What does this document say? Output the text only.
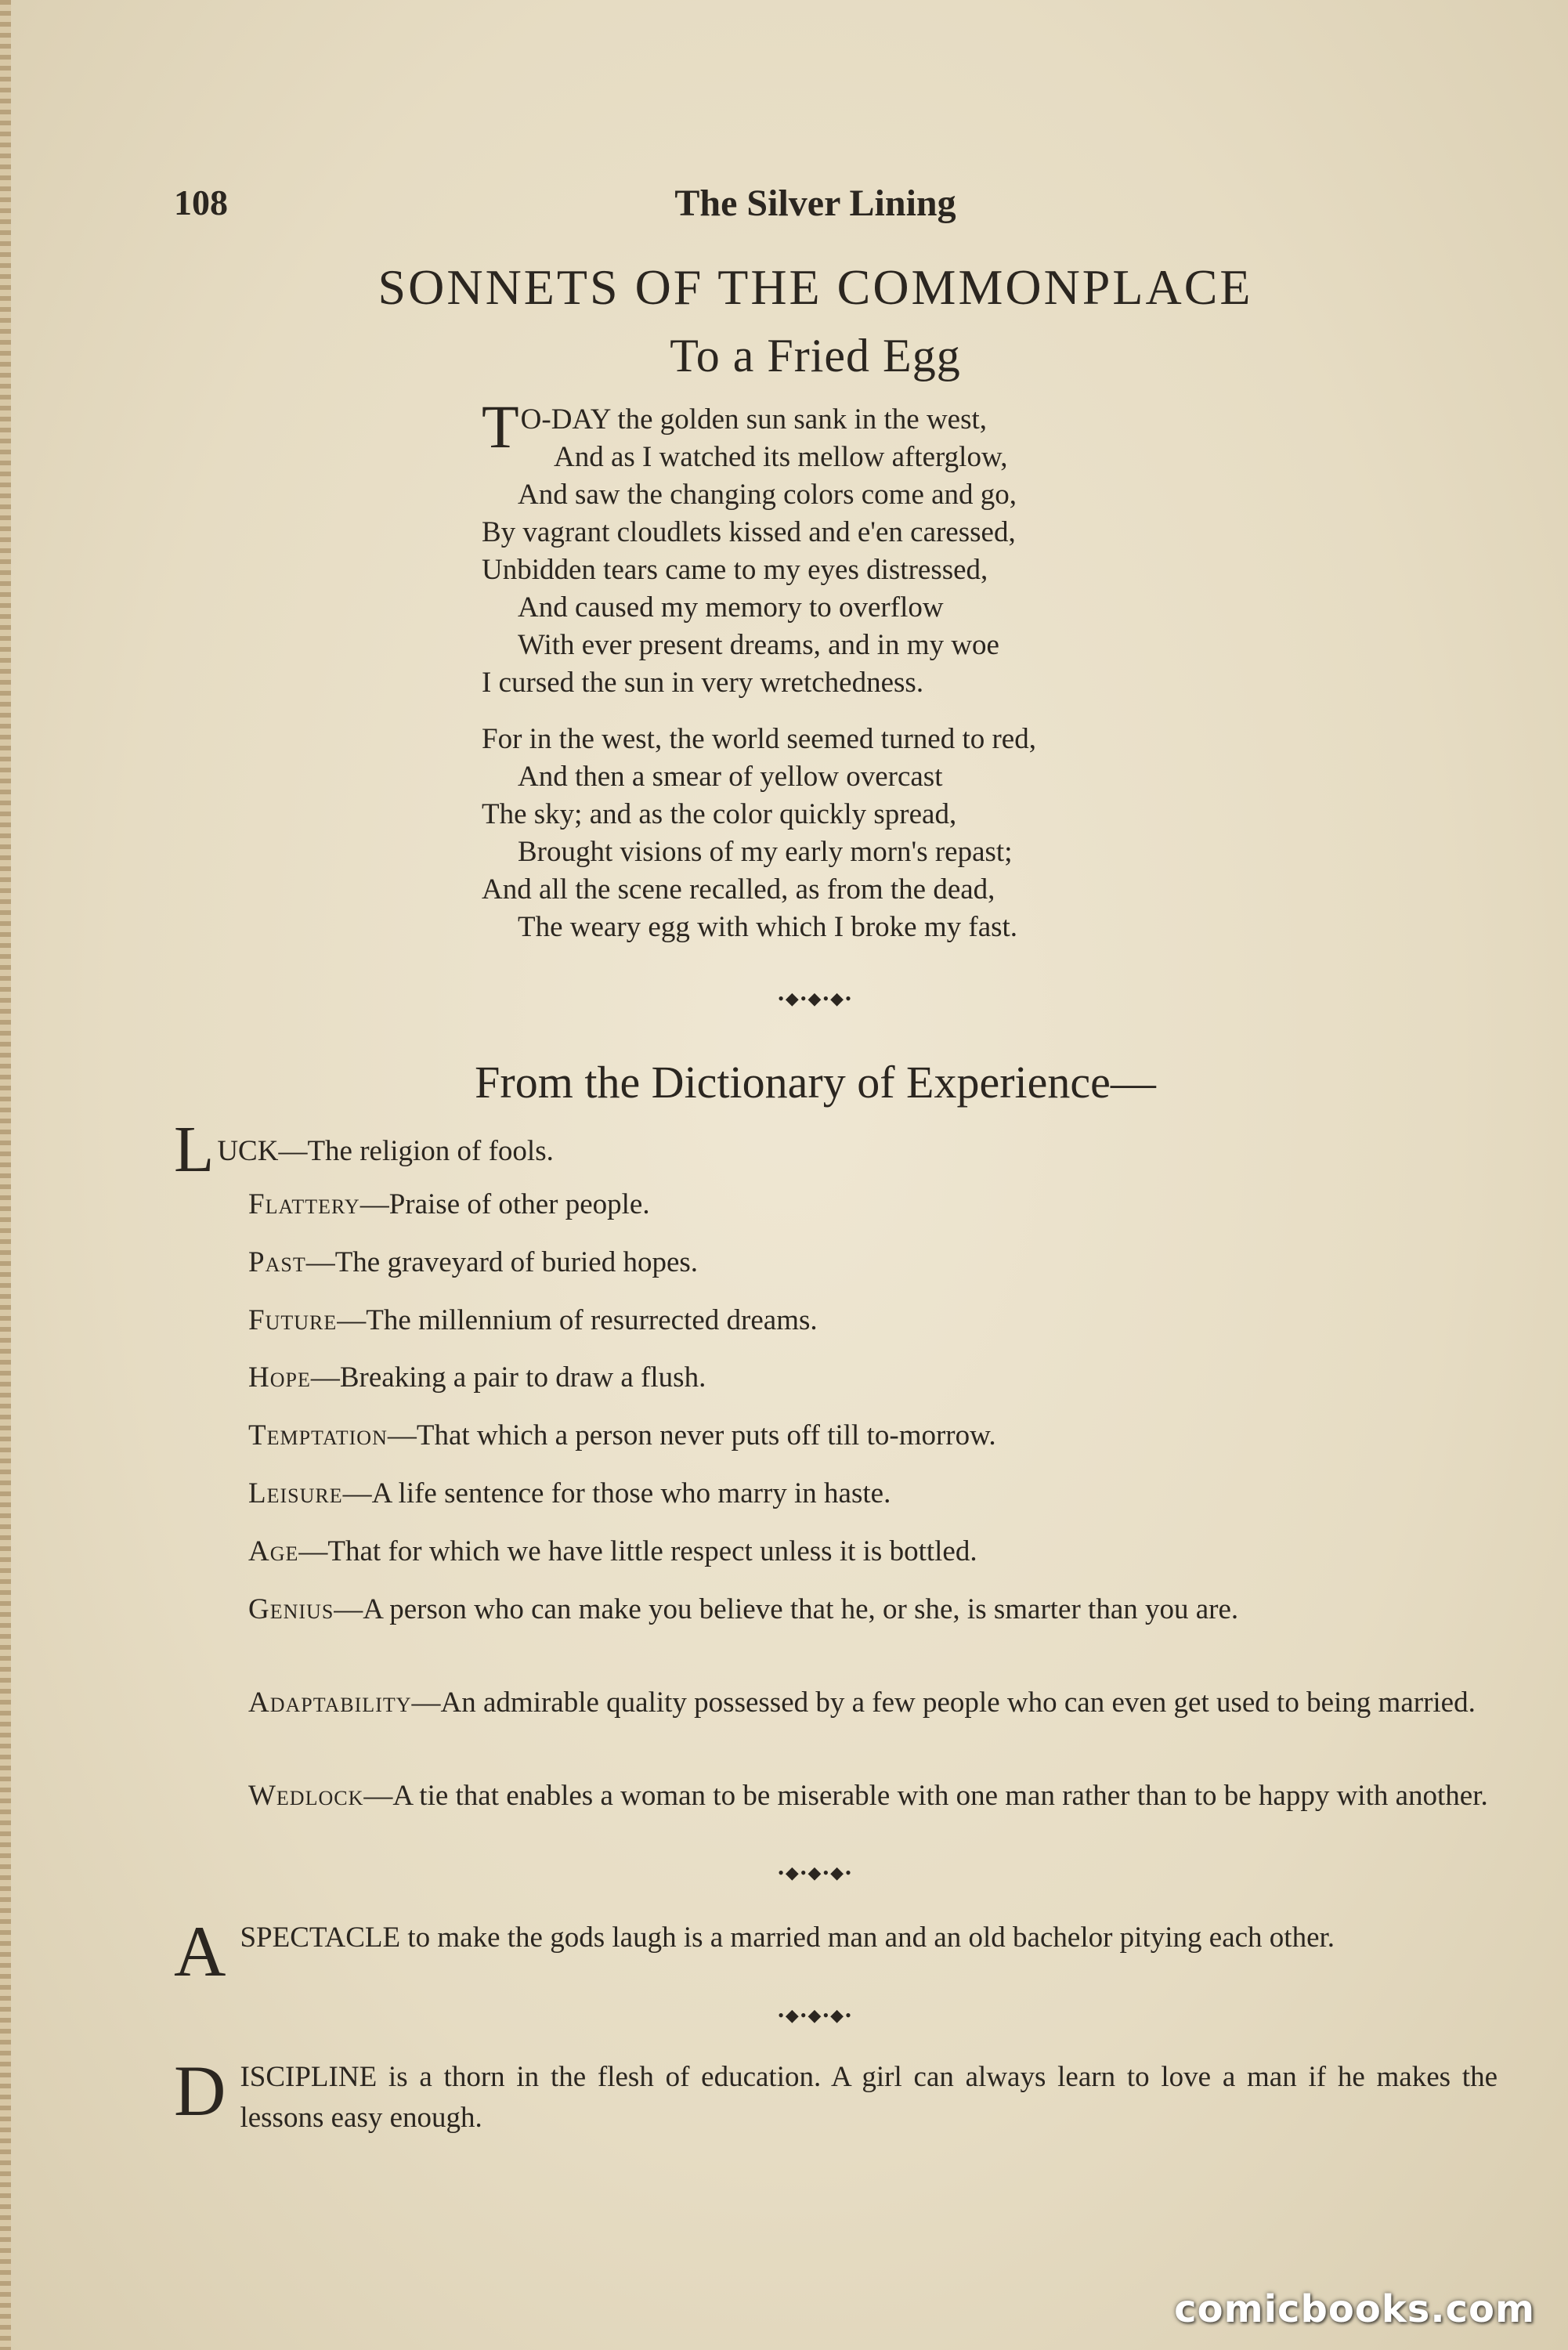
108	The Silver Lining
SONNETS OF THE COMMONPLACE
To a Fried Egg
T O-DAY the golden sun sank in the west,
And as I watched its mellow afterglow,
And saw the changing colors come and go,
By vagrant cloudlets kissed and e'en caressed,
Unbidden tears came to my eyes distressed,
And caused my memory to overflow
With ever present dreams, and in my woe
I cursed the sun in very wretchedness.
For in the west, the world seemed turned to red,
And then a smear of yellow overcast
The sky; and as the color quickly spread,
Brought visions of my early morn's repast;
And all the scene recalled, as from the dead,
The weary egg with which I broke my fast.
•◆•◆•◆•
From the Dictionary of Experience—
LUCK—The religion of fools.
Flattery—Praise of other people.
Past—The graveyard of buried hopes.
Future—The millennium of resurrected dreams.
Hope—Breaking a pair to draw a flush.
Temptation—That which a person never puts off till to-morrow.
Leisure—A life sentence for those who marry in haste.
Age—That for which we have little respect unless it is bottled.
Genius—A person who can make you believe that he, or she, is smarter than you are.
Adaptability—An admirable quality possessed by a few people who can even get used to being married.
Wedlock—A tie that enables a woman to be miserable with one man rather than to be happy with another.
•◆•◆•◆•
ASPECTACLE to make the gods laugh is a married man and an old bachelor pitying each other.
•◆•◆•◆•
DISCIPLINE is a thorn in the flesh of education. A girl can always learn to love a man if he makes the lessons easy enough.
comicbooks.com
